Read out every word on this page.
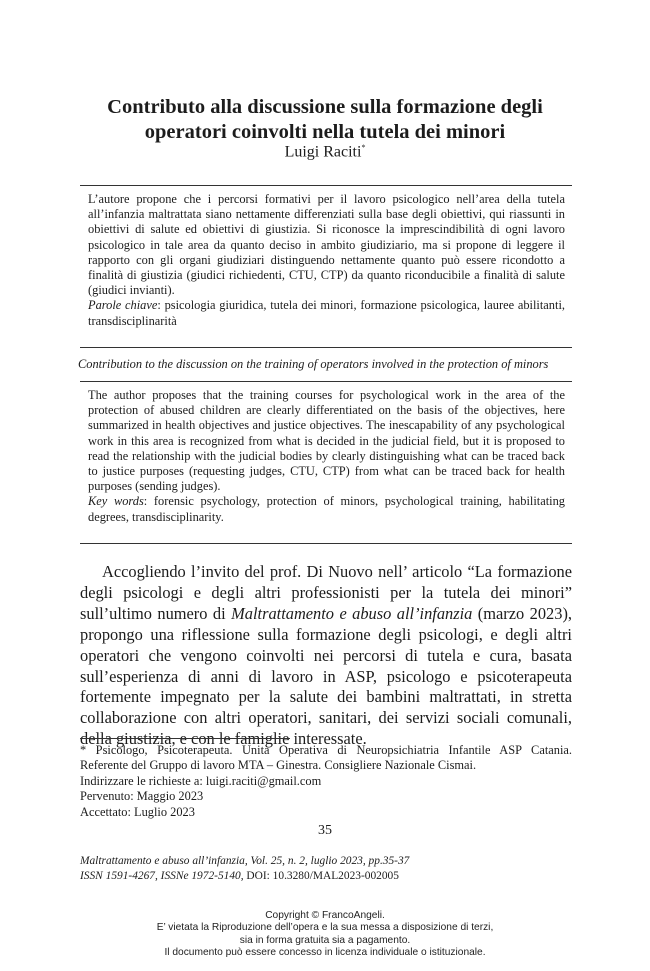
Contributo alla discussione sulla formazione degli
operatori coinvolti nella tutela dei minori
Luigi Raciti*

L’autore propone che i percorsi formativi per il lavoro psicologico nell’area della tutela all’infanzia maltrattata siano nettamente differenziati sulla base degli obiettivi, qui riassunti in obiettivi di salute ed obiettivi di giustizia. Si riconosce la imprescindibilità di ogni lavoro psicologico in tale area da quanto deciso in ambito giudiziario, ma si propone di leggere il rapporto con gli organi giudiziari distinguendo nettamente quanto può essere ricondotto a finalità di giustizia (giudici richiedenti, CTU, CTP) da quanto riconducibile a finalità di salute (giudici invianti).

Parole chiave: psicologia giuridica, tutela dei minori, formazione psicologica, lauree abilitanti, transdisciplinarità

Contribution to the discussion on the training of operators involved in the protection of minors

The author proposes that the training courses for psychological work in the area of the protection of abused children are clearly differentiated on the basis of the objectives, here summarized in health objectives and justice objectives. The inescapability of any psychological work in this area is recognized from what is decided in the judicial field, but it is proposed to read the relationship with the judicial bodies by clearly distinguishing what can be traced back to justice purposes (requesting judges, CTU, CTP) from what can be traced back for health purposes (sending judges).

Key words: forensic psychology, protection of minors, psychological training, habilitating degrees, transdisciplinarity.

Accogliendo l’invito del prof. Di Nuovo nell’ articolo “La formazione degli psicologi e degli altri professionisti per la tutela dei minori” sull’ultimo numero di Maltrattamento e abuso all’infanzia (marzo 2023), propongo una riflessione sulla formazione degli psicologi, e degli altri operatori che vengono coinvolti nei percorsi di tutela e cura, basata sull’esperienza di anni di lavoro in ASP, psicologo e psicoterapeuta fortemente impegnato per la salute dei bambini maltrattati, in stretta collaborazione con altri operatori, sanitari, dei servizi sociali comunali, della giustizia, e con le famiglie interessate.

* Psicologo, Psicoterapeuta. Unità Operativa di Neuropsichiatria Infantile ASP Catania.
Referente del Gruppo di lavoro MTA – Ginestra. Consigliere Nazionale Cismai.
Indirizzare le richieste a: luigi.raciti@gmail.com
Pervenuto: Maggio 2023
Accettato: Luglio 2023
35
Maltrattamento e abuso all’infanzia, Vol. 25, n. 2, luglio 2023, pp.35-37
ISSN 1591-4267, ISSNe 1972-5140, DOI: 10.3280/MAL2023-002005
Copyright © FrancoAngeli.
E’ vietata la Riproduzione dell’opera e la sua messa a disposizione di terzi,
sia in forma gratuita sia a pagamento.
Il documento può essere concesso in licenza individuale o istituzionale.
